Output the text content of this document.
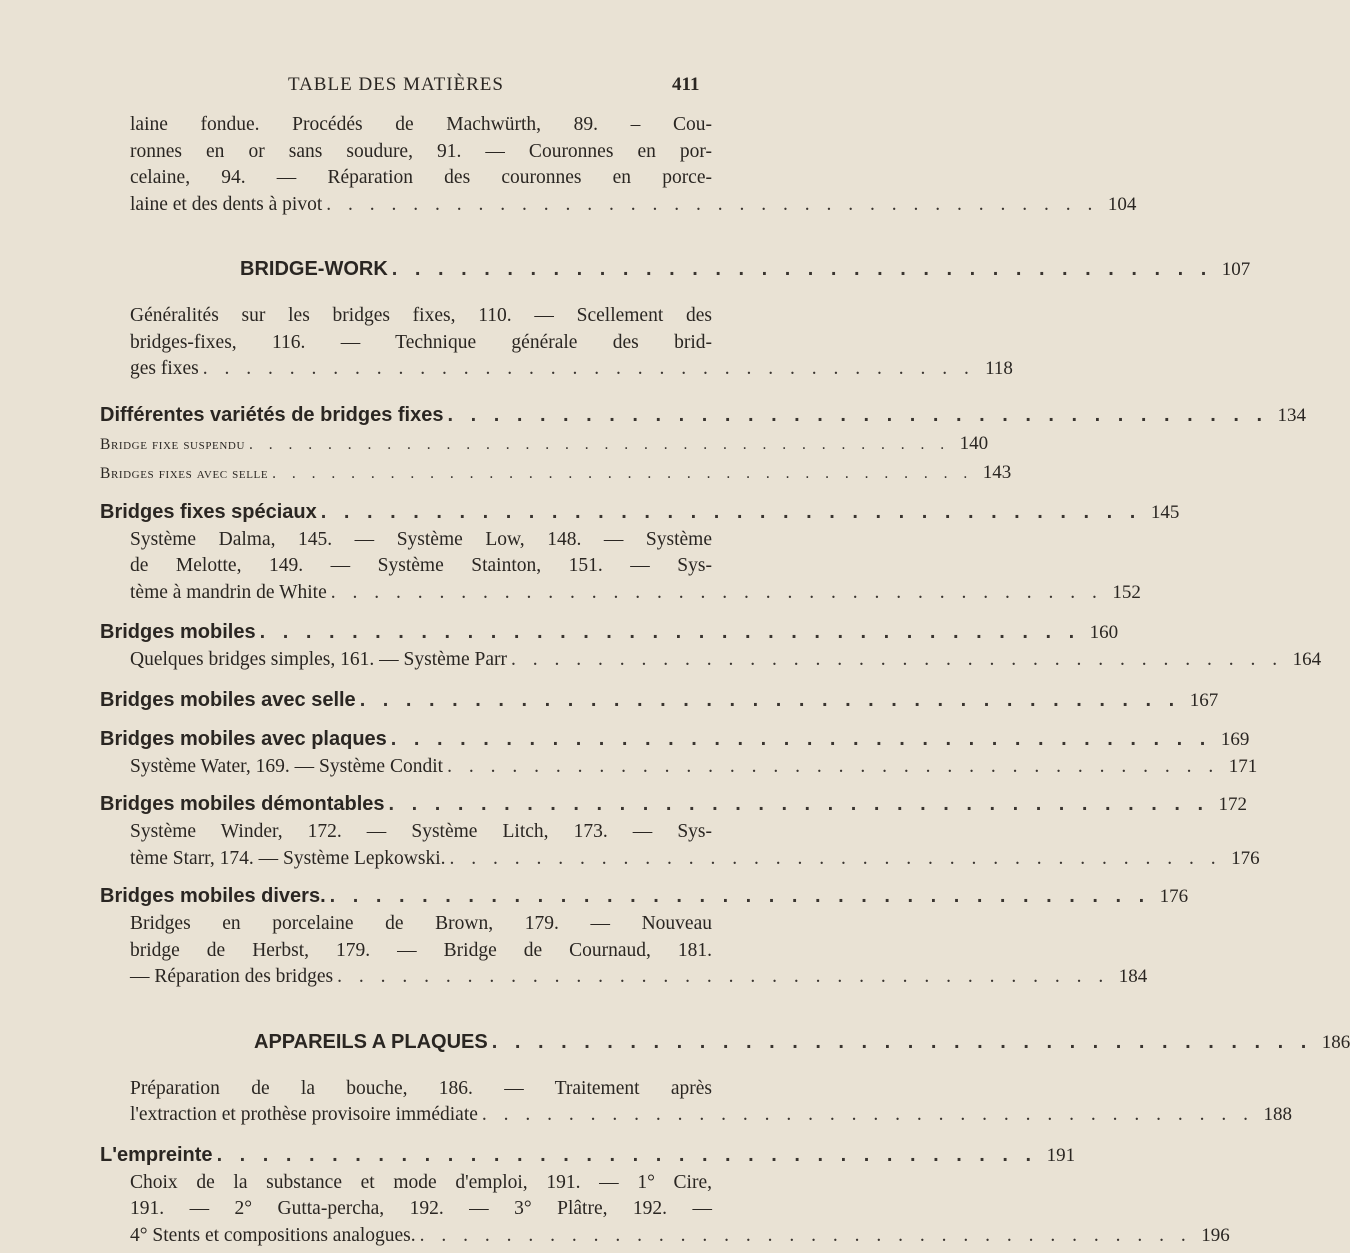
TABLE DES MATIÈRES	411
laine fondue. Procédés de Machwürth, 89. – Cou-
ronnes en or sans soudure, 91. — Couronnes en por-
celaine, 94. — Réparation des couronnes en porce-
laine et des dents à pivot . . . . . . . . . . . . . . . . . . . . . . . . . . . . . . . . . . . . 104
BRIDGE-WORK . . . . . . . . . . . . . . . . . . . . . . . . . . . . . . . . . . . . 107
Généralités sur les bridges fixes, 110. — Scellement des
bridges-fixes, 116. — Technique générale des brid-
ges fixes . . . . . . . . . . . . . . . . . . . . . . . . . . . . . . . . . . . . 118
Différentes variétés de bridges fixes . . . . . . . . . . . . . . . . . . . . . . . . . . . . . . . . . . . . 134
Bridge fixe suspendu . . . . . . . . . . . . . . . . . . . . . . . . . . . . . . . . . . . . 140
Bridges fixes avec selle . . . . . . . . . . . . . . . . . . . . . . . . . . . . . . . . . . . . 143
Bridges fixes spéciaux . . . . . . . . . . . . . . . . . . . . . . . . . . . . . . . . . . . . 145
Système Dalma, 145. — Système Low, 148. — Système
de Melotte, 149. — Système Stainton, 151. — Sys-
tème à mandrin de White . . . . . . . . . . . . . . . . . . . . . . . . . . . . . . . . . . . . 152
Bridges mobiles . . . . . . . . . . . . . . . . . . . . . . . . . . . . . . . . . . . . 160
Quelques bridges simples, 161. — Système Parr . . . . . . . . . . . . . . . . . . . . . . . . . . . . . . . . . . . . 164
Bridges mobiles avec selle . . . . . . . . . . . . . . . . . . . . . . . . . . . . . . . . . . . . 167
Bridges mobiles avec plaques . . . . . . . . . . . . . . . . . . . . . . . . . . . . . . . . . . . . 169
Système Water, 169. — Système Condit . . . . . . . . . . . . . . . . . . . . . . . . . . . . . . . . . . . . 171
Bridges mobiles démontables . . . . . . . . . . . . . . . . . . . . . . . . . . . . . . . . . . . . 172
Système Winder, 172. — Système Litch, 173. — Sys-
tème Starr, 174. — Système Lepkowski. . . . . . . . . . . . . . . . . . . . . . . . . . . . . . . . . . . . . 176
Bridges mobiles divers. . . . . . . . . . . . . . . . . . . . . . . . . . . . . . . . . . . . . 176
Bridges en porcelaine de Brown, 179. — Nouveau
bridge de Herbst, 179. — Bridge de Cournaud, 181.
— Réparation des bridges . . . . . . . . . . . . . . . . . . . . . . . . . . . . . . . . . . . . 184
APPAREILS A PLAQUES . . . . . . . . . . . . . . . . . . . . . . . . . . . . . . . . . . . . 186
Préparation de la bouche, 186. — Traitement après
l'extraction et prothèse provisoire immédiate . . . . . . . . . . . . . . . . . . . . . . . . . . . . . . . . . . . . 188
L'empreinte . . . . . . . . . . . . . . . . . . . . . . . . . . . . . . . . . . . . 191
Choix de la substance et mode d'emploi, 191. — 1° Cire,
191. — 2° Gutta-percha, 192. — 3° Plâtre, 192. —
4° Stents et compositions analogues. . . . . . . . . . . . . . . . . . . . . . . . . . . . . . . . . . . . . 196
